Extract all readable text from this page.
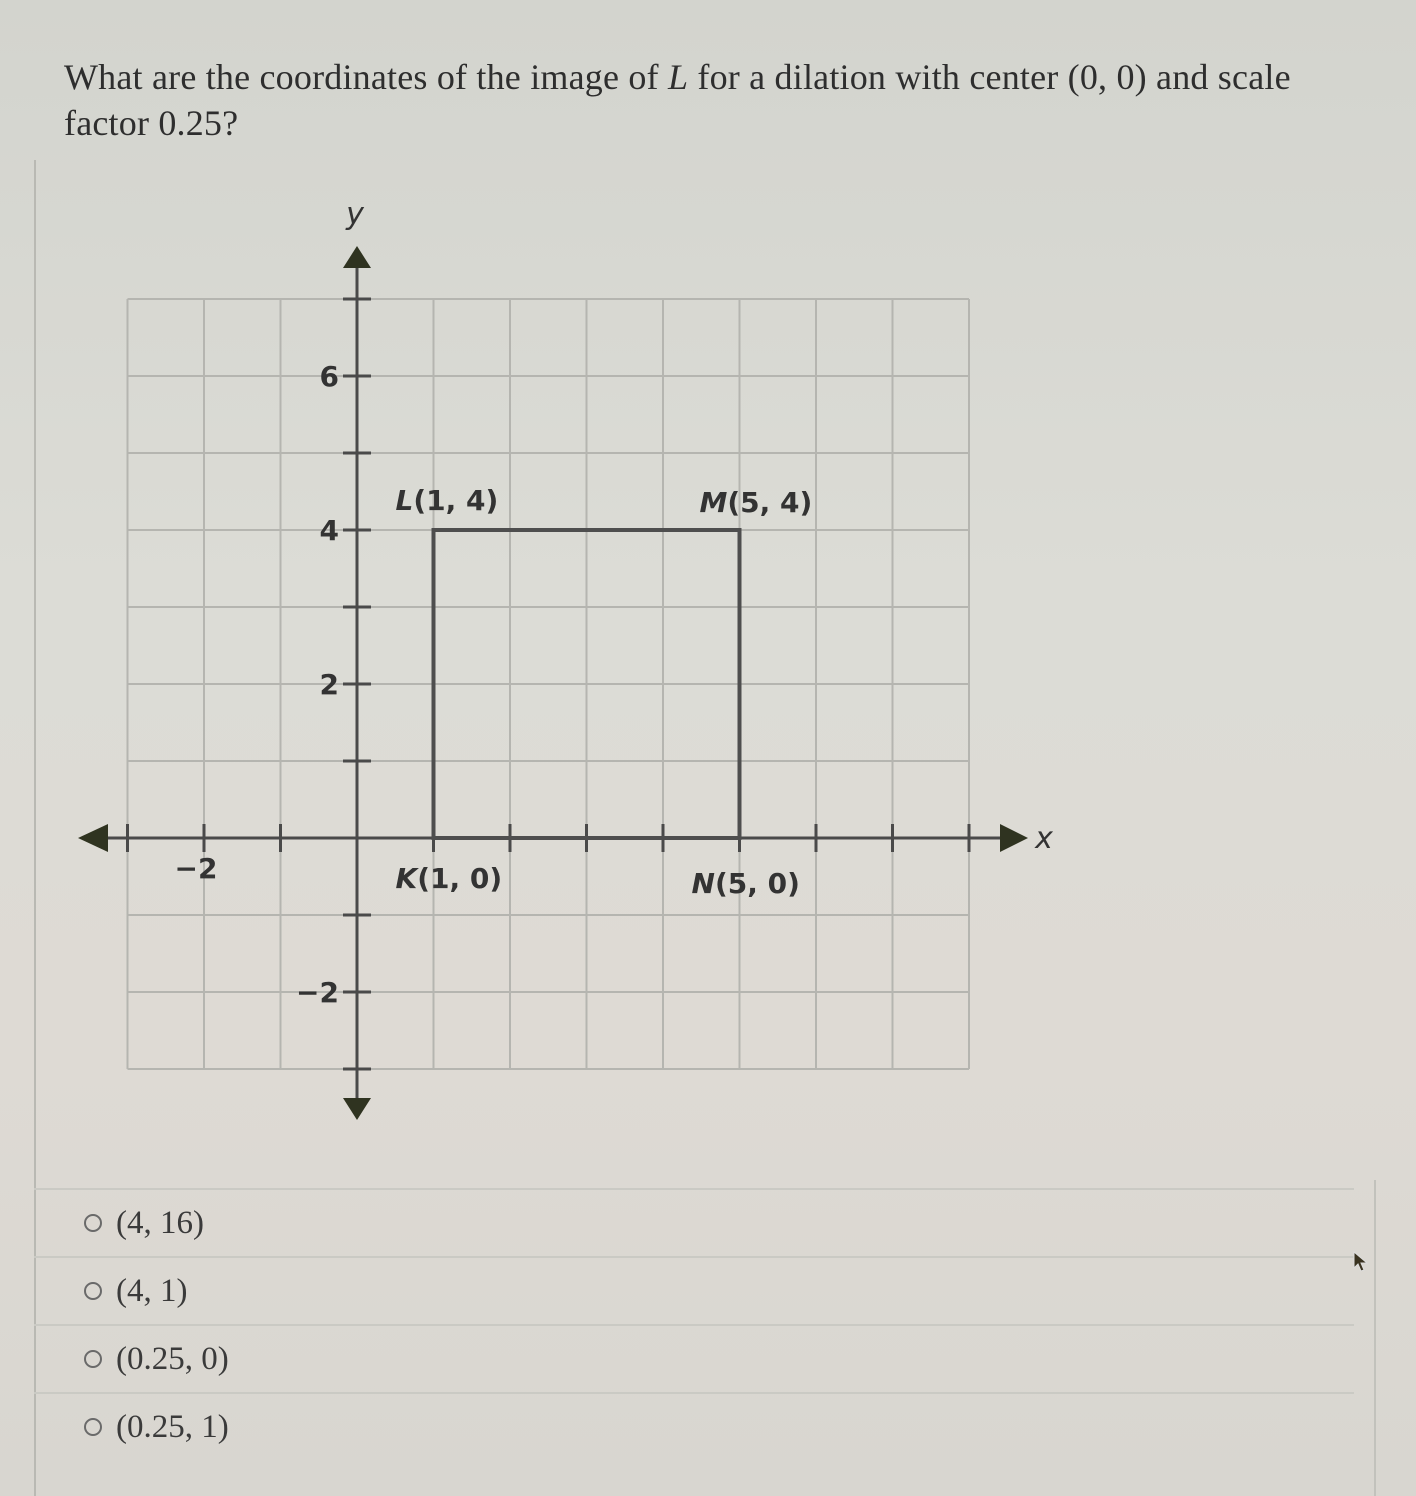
What are the coordinates of the image of L for a dilation with center (0, 0) and scale factor 0.25?
y
x
−2
6
4
2
−2
L(1, 4)	M(5, 4)
N(5, 0)
K(1, 0)
(4, 16)
(4, 1)
(0.25, 0)
(0.25, 1)
